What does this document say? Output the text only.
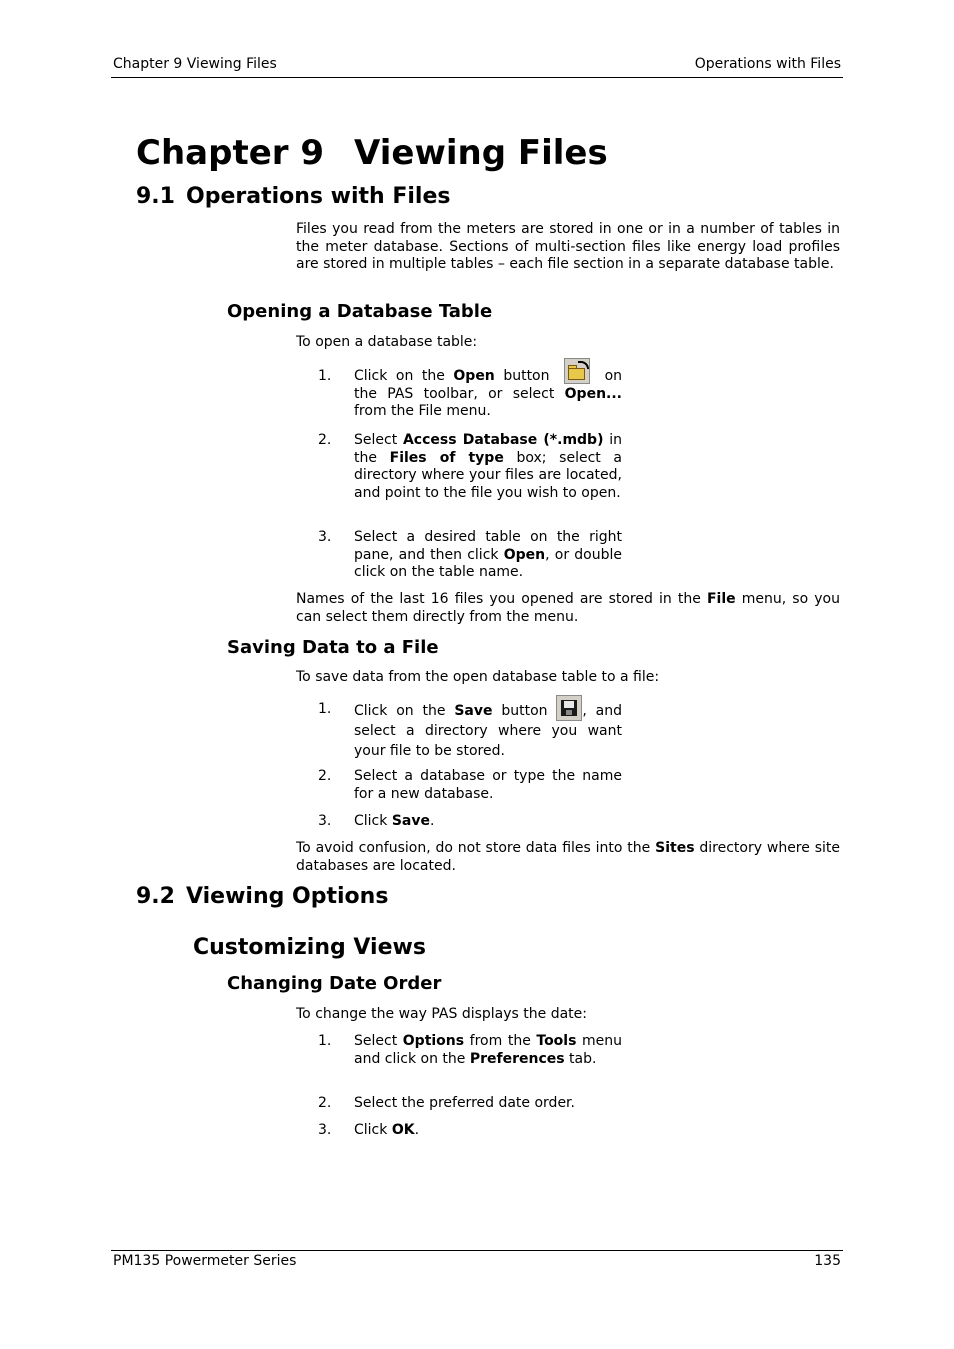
Chapter 9 Viewing Files	Operations with Files
Chapter 9 Viewing Files
9.1 Operations with Files

Files you read from the meters are stored in one or in a number of tables in the meter database. Sections of multi-section files like energy load profiles are stored in multiple tables – each file section in a separate database table.

Opening a Database Table

To open a database table:

1. Click on the Open button	on the PAS toolbar, or select Open... from the File menu.

2. Select Access Database (*.mdb) in the Files of type box; select a directory where your files are located, and point to the file you wish to open.

3. Select a desired table on the right pane, and then click Open, or double click on the table name.

Names of the last 16 files you opened are stored in the File menu, so you can select them directly from the menu.

Saving Data to a File

To save data from the open database table to a file:

1. Click on the Save button
, and select a directory where you want your file to be stored.

2. Select a database or type the name for a new database.

3. Click Save.

To avoid confusion, do not store data files into the Sites directory where site databases are located.

9.2 Viewing Options
Customizing Views
Changing Date Order

To change the way PAS displays the date:

1. Select Options from the Tools menu and click on the Preferences tab.

2. Select the preferred date order.

3. Click OK.

PM135 Powermeter Series	135
